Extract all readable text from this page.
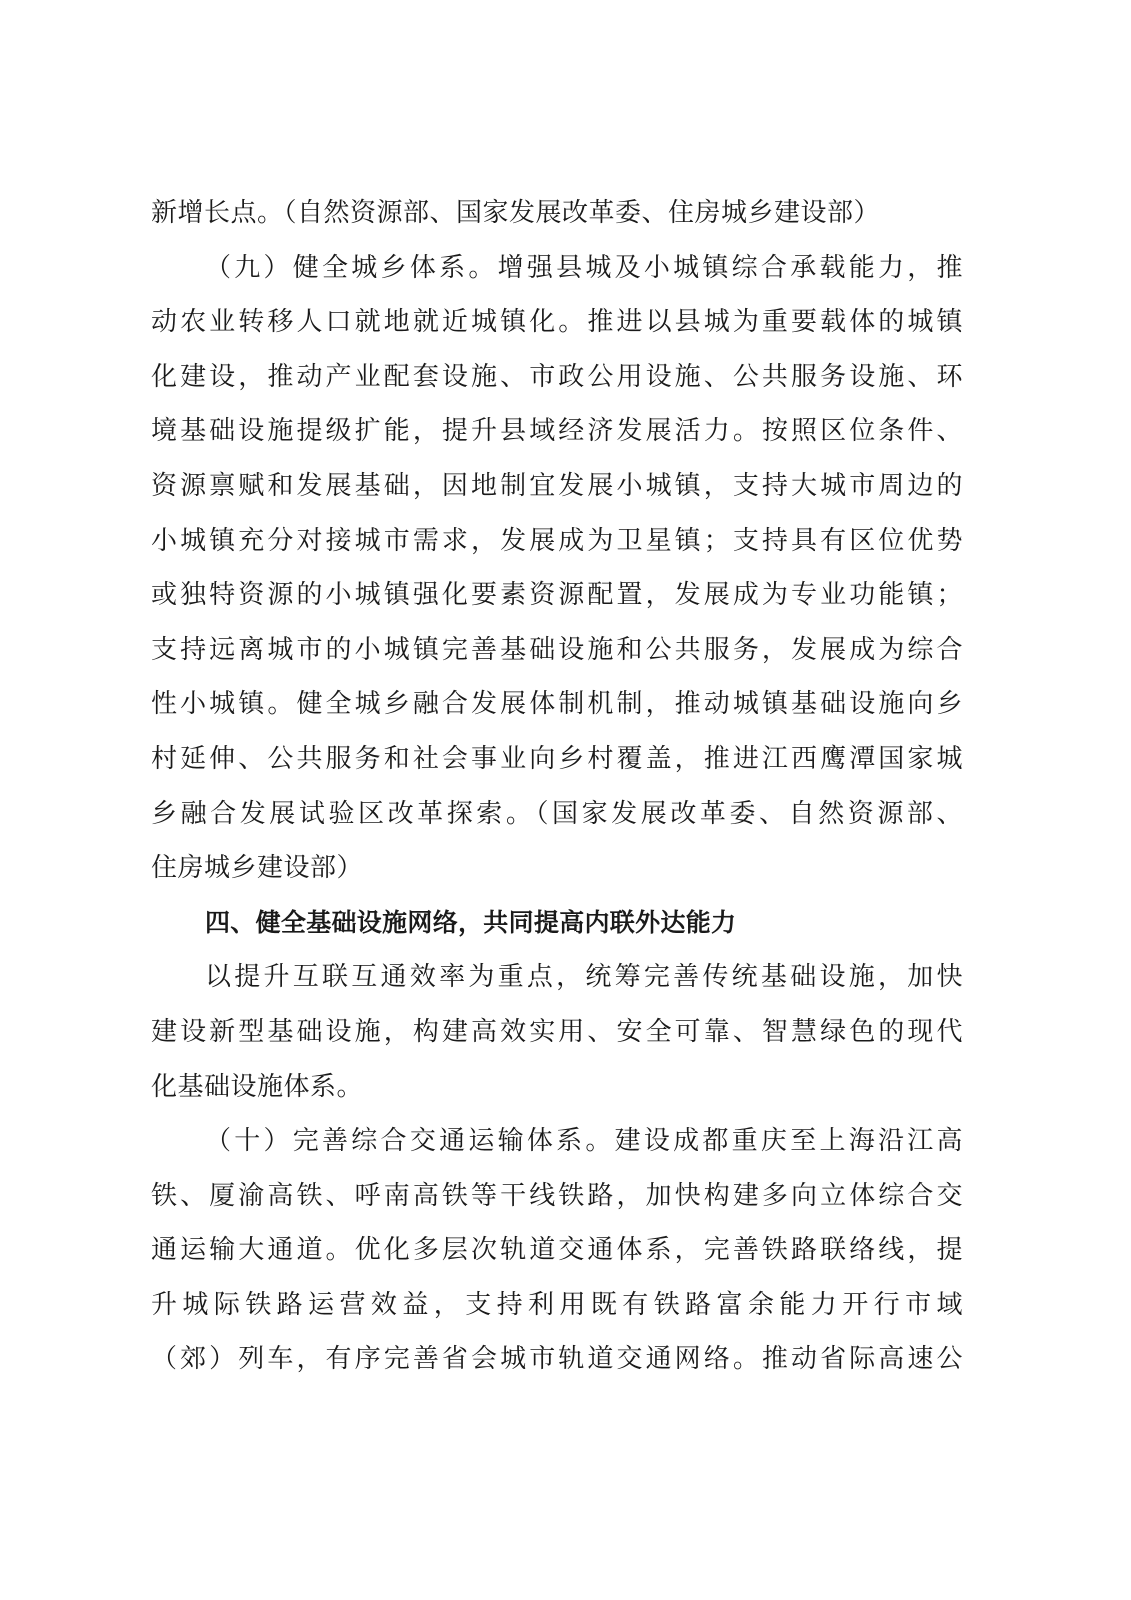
新增长点。（自然资源部、国家发展改革委、住房城乡建设部）
（九）健全城乡体系。增强县城及小城镇综合承载能力，推
动农业转移人口就地就近城镇化。推进以县城为重要载体的城镇
化建设，推动产业配套设施、市政公用设施、公共服务设施、环
境基础设施提级扩能，提升县域经济发展活力。按照区位条件、
资源禀赋和发展基础，因地制宜发展小城镇，支持大城市周边的
小城镇充分对接城市需求，发展成为卫星镇；支持具有区位优势
或独特资源的小城镇强化要素资源配置，发展成为专业功能镇；
支持远离城市的小城镇完善基础设施和公共服务，发展成为综合
性小城镇。健全城乡融合发展体制机制，推动城镇基础设施向乡
村延伸、公共服务和社会事业向乡村覆盖，推进江西鹰潭国家城
乡融合发展试验区改革探索。（国家发展改革委、自然资源部、
住房城乡建设部）
四、健全基础设施网络，共同提高内联外达能力
以提升互联互通效率为重点，统筹完善传统基础设施，加快
建设新型基础设施，构建高效实用、安全可靠、智慧绿色的现代
化基础设施体系。
（十）完善综合交通运输体系。建设成都重庆至上海沿江高
铁、厦渝高铁、呼南高铁等干线铁路，加快构建多向立体综合交
通运输大通道。优化多层次轨道交通体系，完善铁路联络线，提
升城际铁路运营效益，支持利用既有铁路富余能力开行市域
（郊）列车，有序完善省会城市轨道交通网络。推动省际高速公
